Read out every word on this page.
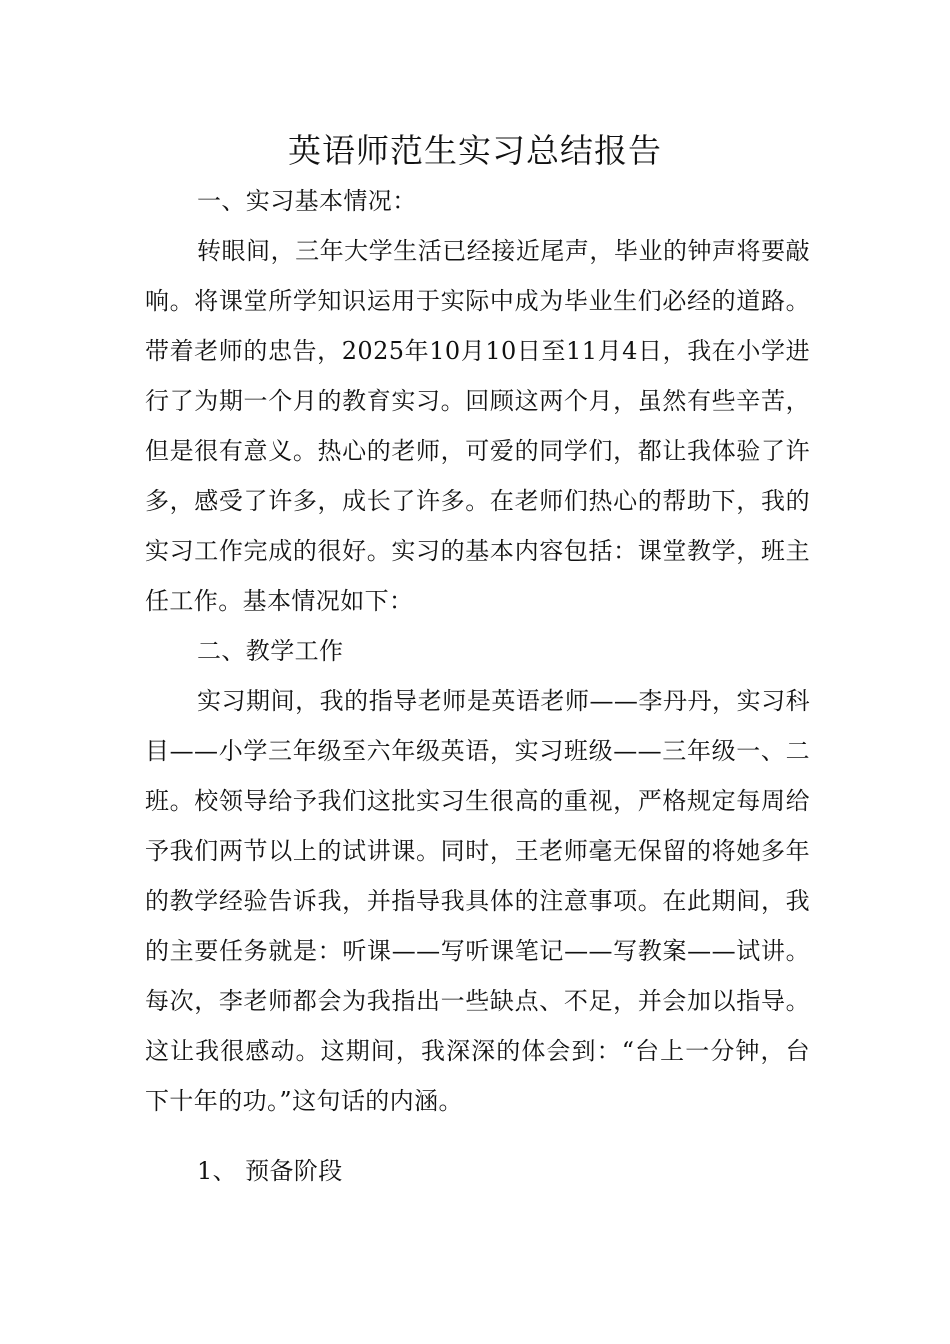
英语师范生实习总结报告

一、实习基本情况：

转眼间，三年大学生活已经接近尾声，毕业的钟声将要敲响。将课堂所学知识运用于实际中成为毕业生们必经的道路。带着老师的忠告，2025年10月10日至11月4日，我在小学进行了为期一个月的教育实习。回顾这两个月，虽然有些辛苦，但是很有意义。热心的老师，可爱的同学们，都让我体验了许多，感受了许多，成长了许多。在老师们热心的帮助下，我的实习工作完成的很好。实习的基本内容包括：课堂教学，班主任工作。基本情况如下：

二、教学工作

实习期间，我的指导老师是英语老师——李丹丹，实习科目——小学三年级至六年级英语，实习班级——三年级一、二班。校领导给予我们这批实习生很高的重视，严格规定每周给予我们两节以上的试讲课。同时，王老师毫无保留的将她多年的教学经验告诉我，并指导我具体的注意事项。在此期间，我的主要任务就是：听课——写听课笔记——写教案——试讲。每次，李老师都会为我指出一些缺点、不足，并会加以指导。这让我很感动。这期间，我深深的体会到：“台上一分钟，台下十年的功。”这句话的内涵。

1、 预备阶段
